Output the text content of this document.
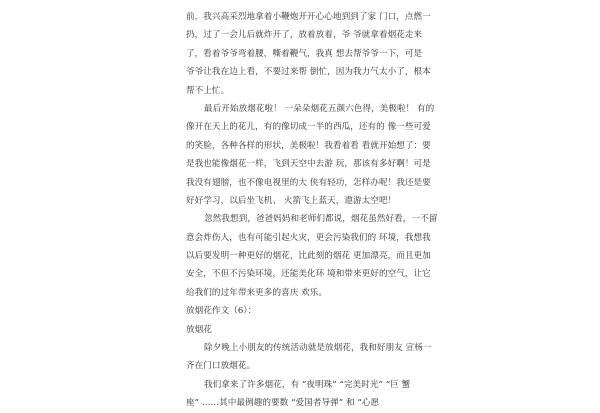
前，我兴高采烈地拿着小鞭炮开开心心地到到了家 门口，点燃一
扔，过了一会儿后就炸开了，放着放着，爷 爷就拿着烟花走来
了，看着爷爷弯着腰，嘶着鞭气，我真 想去帮爷爷一下，可是
爷爷让我在边上看，不要过来帮 倒忙，因为我力气太小了，根本
帮不上忙。
最后开始放烟花啦！ 一朵朵烟花五颜六色得，美极啦！ 有的
像开在天上的花儿，有的像切成一半的西瓜，还有的 像一些可爱
的笑脸，各种各样的形状，美极啦！我看着看 看就开始想了：要
是我也能像烟花一样，飞到天空中去游 玩，那该有多好啊！可是
我没有翅膀，也不像电视里的大 侠有轻功，怎样办呢！我还是要
好好学习，以后坐飞机、 火箭飞上蓝天，遨游太空吧！
忽然我想到，爸爸妈妈和老师们都说，烟花虽然好看，一不留
意会炸伤人，也有可能引起火灾，更会污染我们的 环境，我想我
以后要发明一种更好的烟花，比此刻的烟花 更加漂亮，而且更加
安全，不但不污染环境，还能美化环 境和带来更好的空气，让它
给我们的过年带来更多的喜庆 欢乐。
放烟花作文（6）：
放烟花
除夕晚上小朋友的传统活动就是放烟花，我和好朋友 宣杨一
齐在门口放烟花。
我们拿来了许多烟花，有 “夜明珠” “完美时光” “巨 蟹
座” ……其中最例趣的要数 “爱国者导弹” 和 “心愿
